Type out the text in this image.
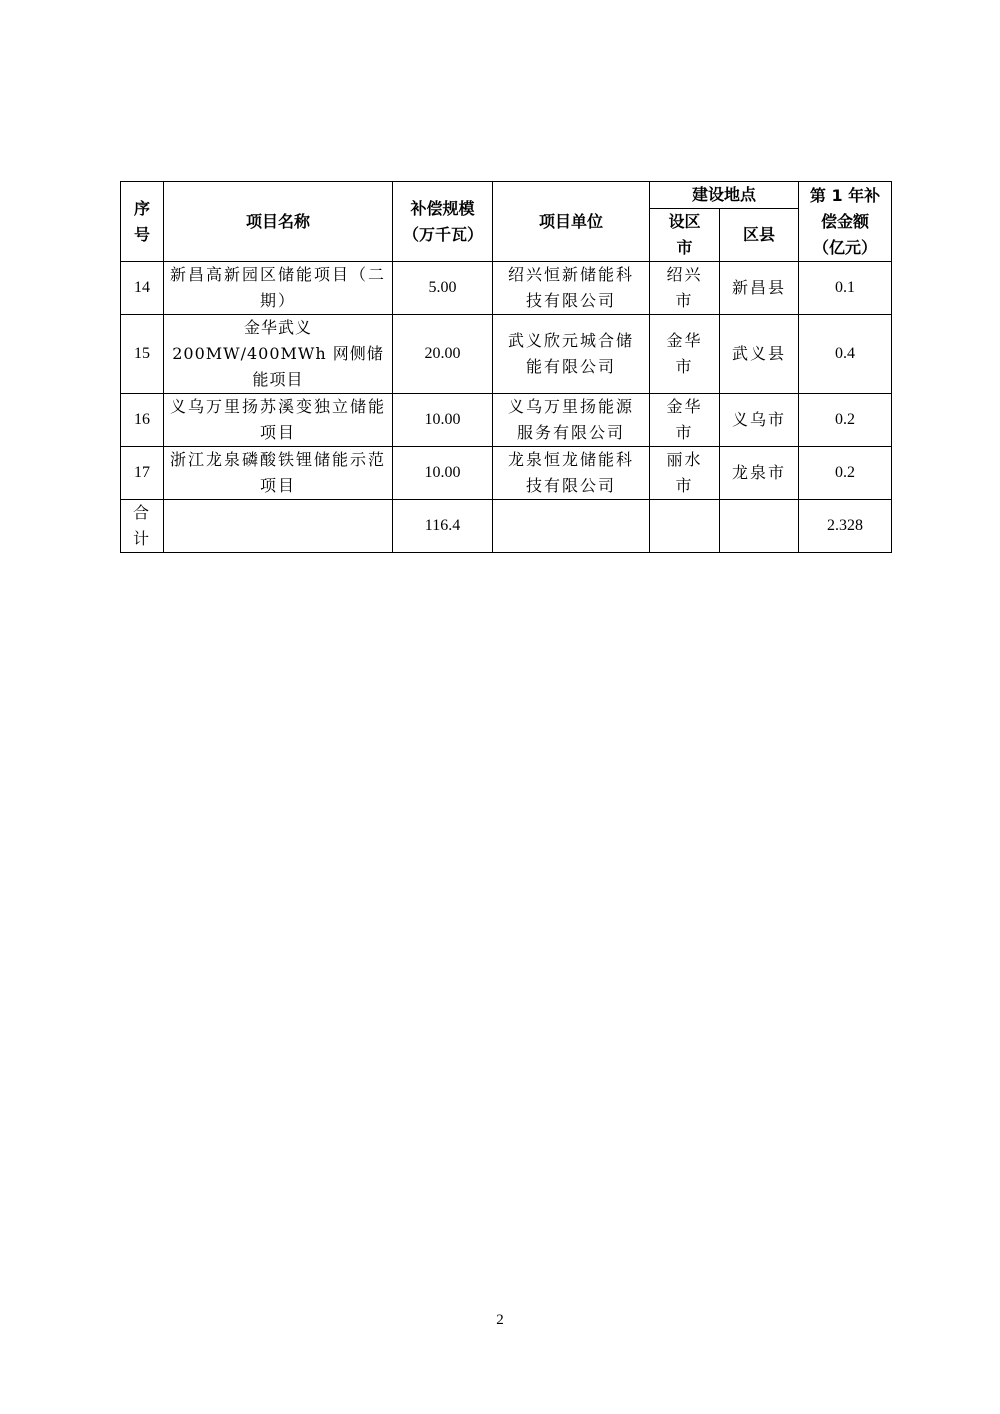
序号	项目名称	补偿规模（万千瓦）	项目单位	建设地点		第 1 年补偿金额（亿元）
				设区市	区县	
14	新昌高新园区储能项目（二期）	5.00	绍兴恒新储能科技有限公司	绍兴市	新昌县	0.1
15	金华武义 200MW/400MWh 网侧储能项目	20.00	武义欣元城合储能有限公司	金华市	武义县	0.4
16	义乌万里扬苏溪变独立储能项目	10.00	义乌万里扬能源服务有限公司	金华市	义乌市	0.2
17	浙江龙泉磷酸铁锂储能示范项目	10.00	龙泉恒龙储能科技有限公司	丽水市	龙泉市	0.2
合计		116.4				2.328
2
